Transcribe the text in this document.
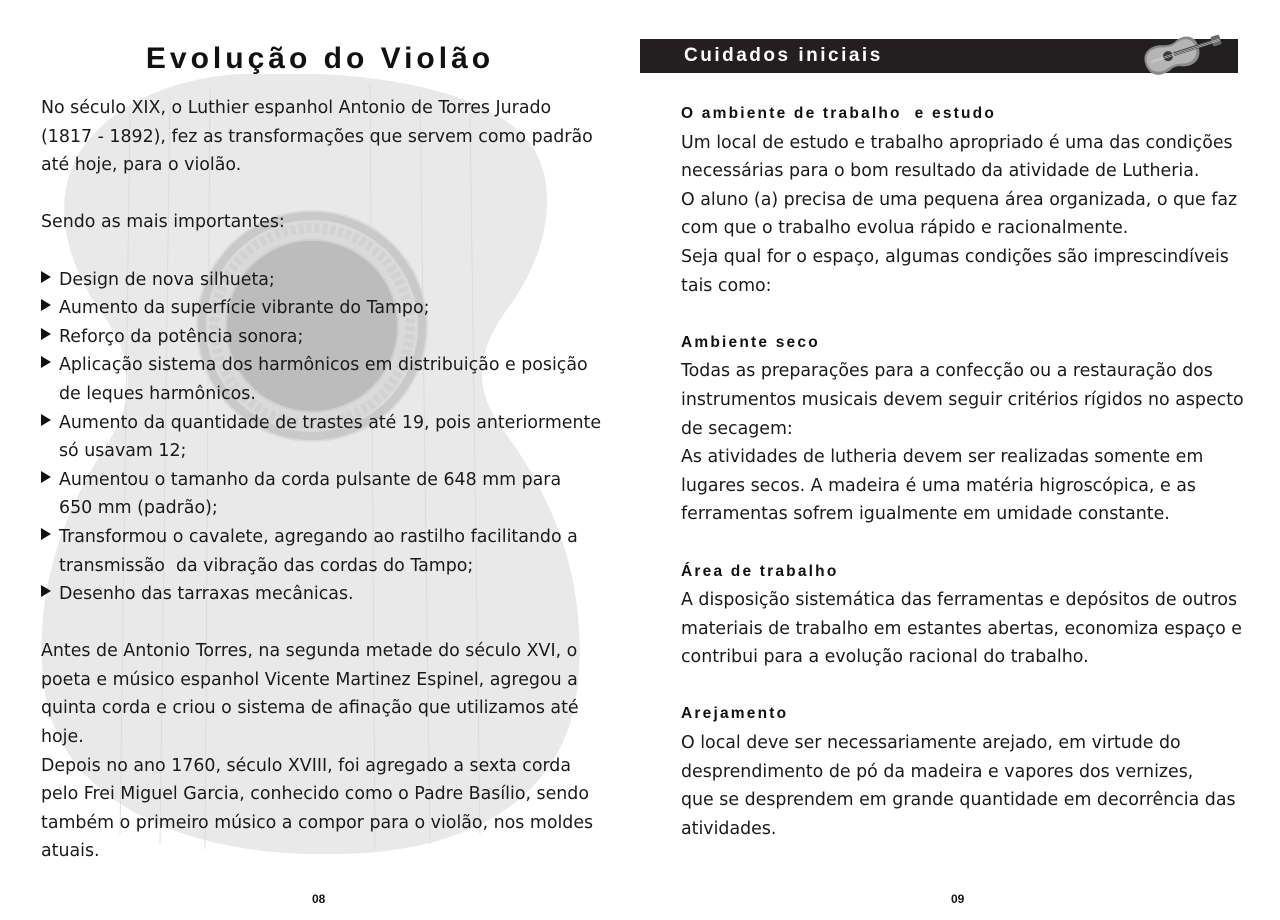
Evolução do Violão

No século XIX, o Luthier espanhol Antonio de Torres Jurado

(1817 - 1892), fez as transformações que servem como padrão

até hoje, para o violão.

Sendo as mais importantes:

Design de nova silhueta;
Aumento da superfície vibrante do Tampo;
Reforço da potência sonora;
Aplicação sistema dos harmônicos em distribuição e posição
de leques harmônicos.
Aumento da quantidade de trastes até 19, pois anteriormente
só usavam 12;
Aumentou o tamanho da corda pulsante de 648 mm para
650 mm (padrão);
Transformou o cavalete, agregando ao rastilho facilitando a
transmissão  da vibração das cordas do Tampo;
Desenho das tarraxas mecânicas.

Antes de Antonio Torres, na segunda metade do século XVI, o

poeta e músico espanhol Vicente Martinez Espinel, agregou a

quinta corda e criou o sistema de afinação que utilizamos até

hoje.

Depois no ano 1760, século XVIII, foi agregado a sexta corda

pelo Frei Miguel Garcia, conhecido como o Padre Basílio, sendo

também o primeiro músico a compor para o violão, nos moldes

atuais.

08
Cuidados iniciais
O ambiente de trabalho  e estudo

Um local de estudo e trabalho apropriado é uma das condições

necessárias para o bom resultado da atividade de Lutheria.

O aluno (a) precisa de uma pequena área organizada, o que faz

com que o trabalho evolua rápido e racionalmente.

Seja qual for o espaço, algumas condições são imprescindíveis

tais como:

Ambiente seco

Todas as preparações para a confecção ou a restauração dos

instrumentos musicais devem seguir critérios rígidos no aspecto

de secagem:

As atividades de lutheria devem ser realizadas somente em

lugares secos. A madeira é uma matéria higroscópica, e as

ferramentas sofrem igualmente em umidade constante.

Área de trabalho

A disposição sistemática das ferramentas e depósitos de outros

materiais de trabalho em estantes abertas, economiza espaço e

contribui para a evolução racional do trabalho.

Arejamento

O local deve ser necessariamente arejado, em virtude do

desprendimento de pó da madeira e vapores dos vernizes,

que se desprendem em grande quantidade em decorrência das

atividades.

09
